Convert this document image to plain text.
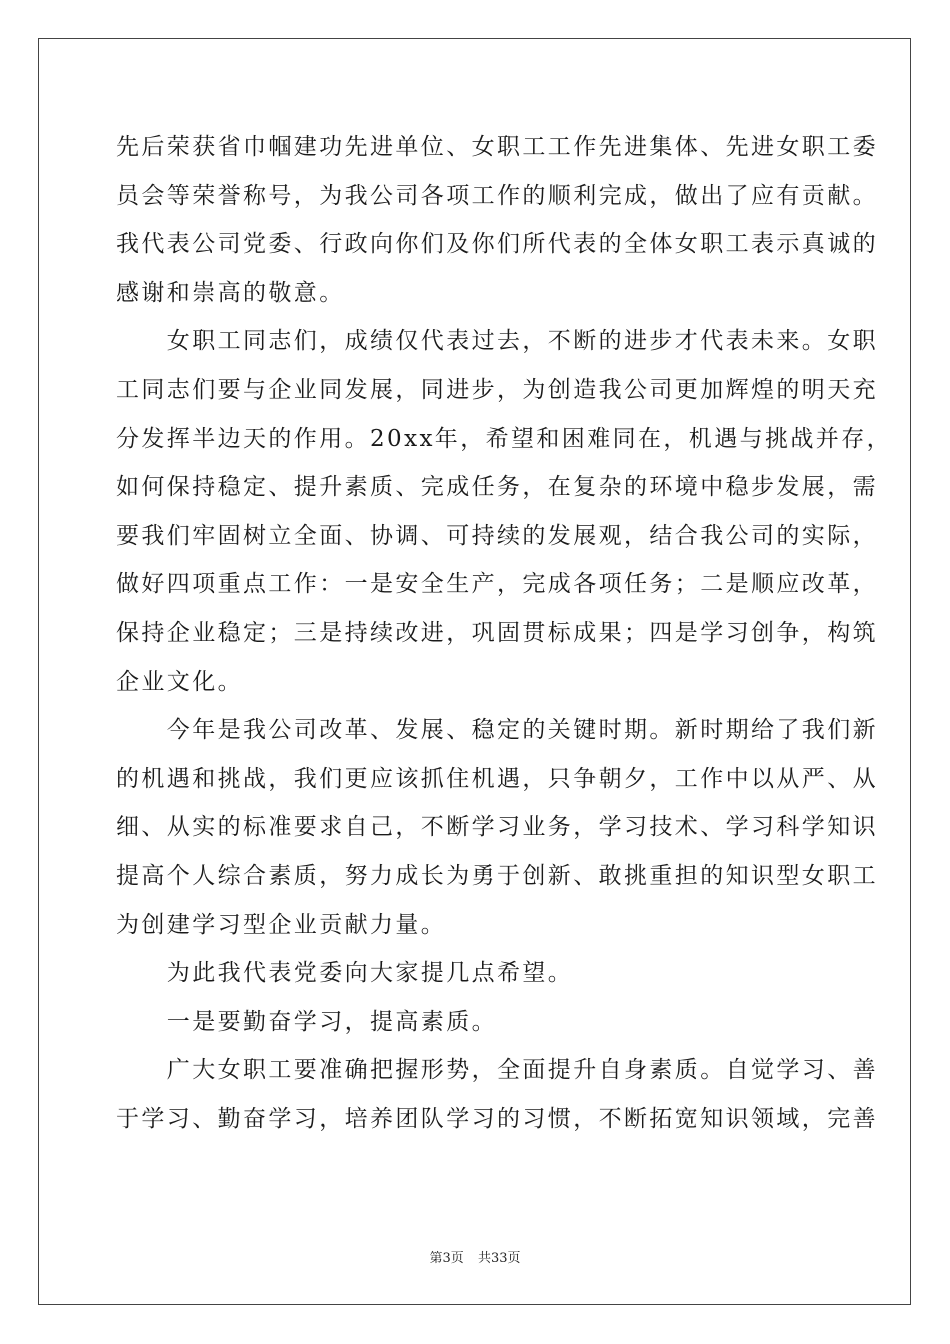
先后荣获省巾帼建功先进单位、女职工工作先进集体、先进女职工委
员会等荣誉称号，为我公司各项工作的顺利完成，做出了应有贡献。
我代表公司党委、行政向你们及你们所代表的全体女职工表示真诚的
感谢和崇高的敬意。
　　女职工同志们，成绩仅代表过去，不断的进步才代表未来。女职
工同志们要与企业同发展，同进步，为创造我公司更加辉煌的明天充
分发挥半边天的作用。20xx年，希望和困难同在，机遇与挑战并存，
如何保持稳定、提升素质、完成任务，在复杂的环境中稳步发展，需
要我们牢固树立全面、协调、可持续的发展观，结合我公司的实际，
做好四项重点工作：一是安全生产，完成各项任务；二是顺应改革，
保持企业稳定；三是持续改进，巩固贯标成果；四是学习创争，构筑
企业文化。
　　今年是我公司改革、发展、稳定的关键时期。新时期给了我们新
的机遇和挑战，我们更应该抓住机遇，只争朝夕，工作中以从严、从
细、从实的标准要求自己，不断学习业务，学习技术、学习科学知识
提高个人综合素质，努力成长为勇于创新、敢挑重担的知识型女职工
为创建学习型企业贡献力量。
　　为此我代表党委向大家提几点希望。
　　一是要勤奋学习，提高素质。
　　广大女职工要准确把握形势，全面提升自身素质。自觉学习、善
于学习、勤奋学习，培养团队学习的习惯，不断拓宽知识领域，完善
第3页 共33页
